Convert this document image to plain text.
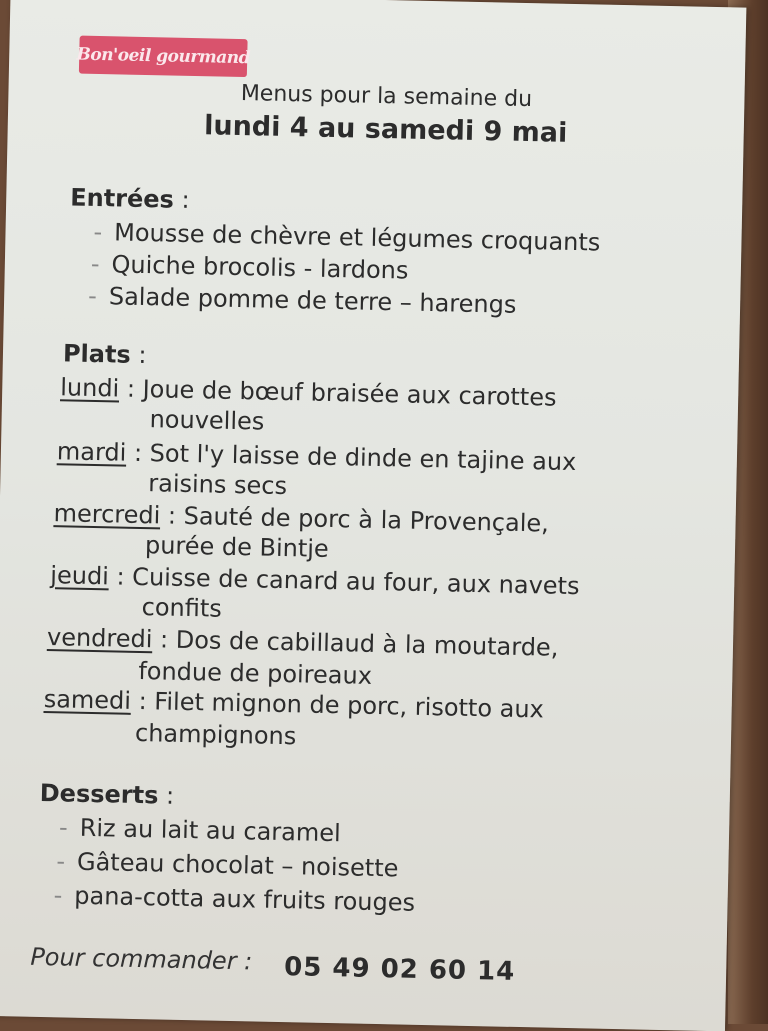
Bon'oeil gourmand
Menus pour la semaine du
lundi 4 au samedi 9 mai
Entrées :
- Mousse de chèvre et légumes croquants
- Quiche brocolis - lardons
- Salade pomme de terre – harengs
Plats :
lundi : Joue de bœuf braisée aux carottes
nouvelles
mardi : Sot l'y laisse de dinde en tajine aux
raisins secs
mercredi : Sauté de porc à la Provençale,
purée de Bintje
jeudi : Cuisse de canard au four, aux navets
confits
vendredi : Dos de cabillaud à la moutarde,
fondue de poireaux
samedi : Filet mignon de porc, risotto aux
champignons
Desserts :
- Riz au lait au caramel
- Gâteau chocolat – noisette
- pana-cotta aux fruits rouges
Pour commander : 05 49 02 60 14
